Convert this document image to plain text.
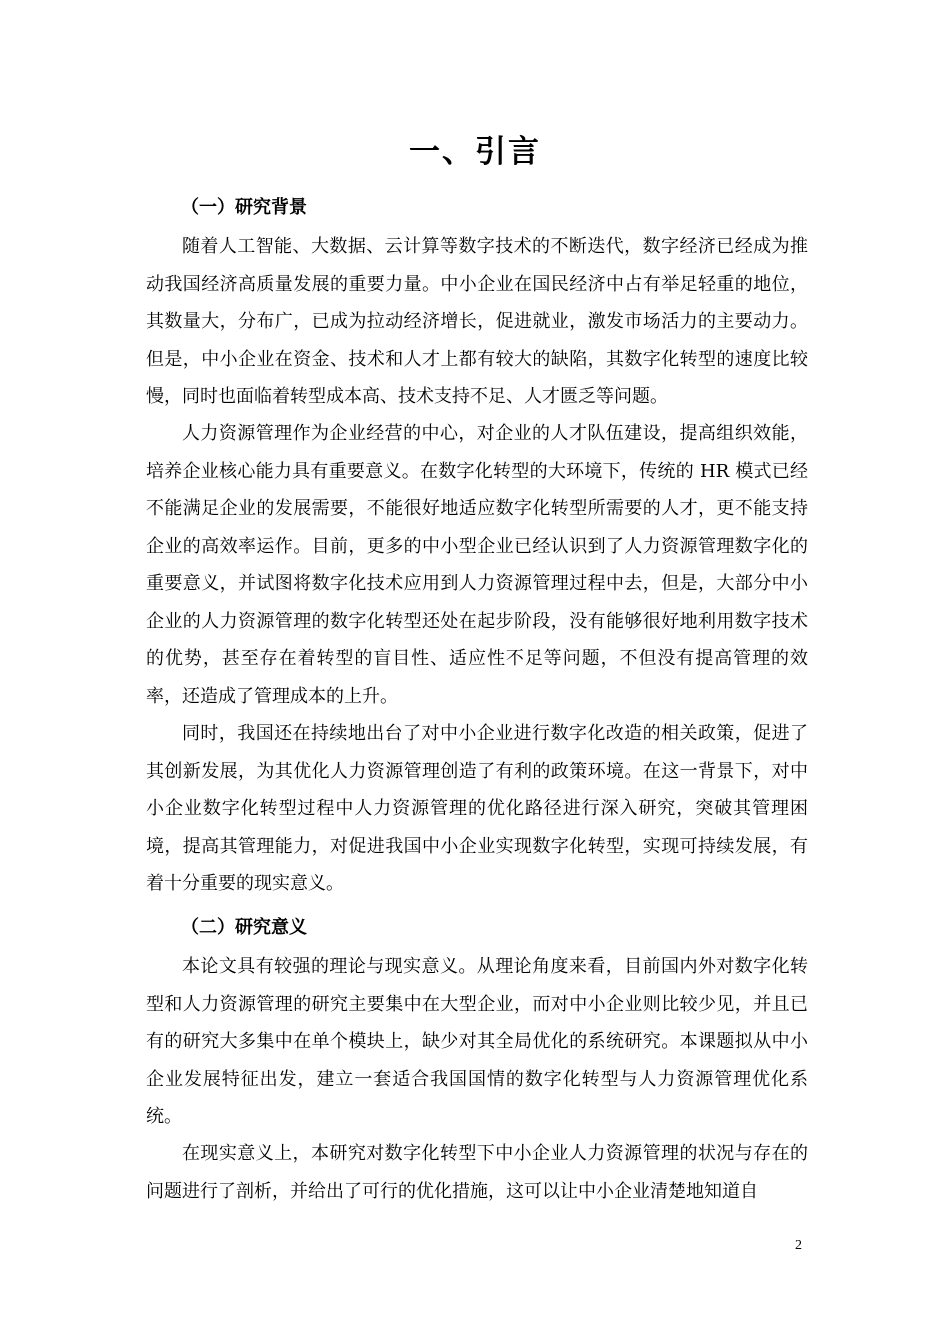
一、引言
（一）研究背景

随着人工智能、大数据、云计算等数字技术的不断迭代，数字经济已经成为推动我国经济高质量发展的重要力量。中小企业在国民经济中占有举足轻重的地位，其数量大，分布广，已成为拉动经济增长，促进就业，激发市场活力的主要动力。但是，中小企业在资金、技术和人才上都有较大的缺陷，其数字化转型的速度比较慢，同时也面临着转型成本高、技术支持不足、人才匮乏等问题。

人力资源管理作为企业经营的中心，对企业的人才队伍建设，提高组织效能，培养企业核心能力具有重要意义。在数字化转型的大环境下，传统的 HR 模式已经不能满足企业的发展需要，不能很好地适应数字化转型所需要的人才，更不能支持企业的高效率运作。目前，更多的中小型企业已经认识到了人力资源管理数字化的重要意义，并试图将数字化技术应用到人力资源管理过程中去，但是，大部分中小企业的人力资源管理的数字化转型还处在起步阶段，没有能够很好地利用数字技术的优势，甚至存在着转型的盲目性、适应性不足等问题，不但没有提高管理的效率，还造成了管理成本的上升。

同时，我国还在持续地出台了对中小企业进行数字化改造的相关政策，促进了其创新发展，为其优化人力资源管理创造了有利的政策环境。在这一背景下，对中小企业数字化转型过程中人力资源管理的优化路径进行深入研究，突破其管理困境，提高其管理能力，对促进我国中小企业实现数字化转型，实现可持续发展，有着十分重要的现实意义。

（二）研究意义

本论文具有较强的理论与现实意义。从理论角度来看，目前国内外对数字化转型和人力资源管理的研究主要集中在大型企业，而对中小企业则比较少见，并且已有的研究大多集中在单个模块上，缺少对其全局优化的系统研究。本课题拟从中小企业发展特征出发，建立一套适合我国国情的数字化转型与人力资源管理优化系统。

在现实意义上，本研究对数字化转型下中小企业人力资源管理的状况与存在的问题进行了剖析，并给出了可行的优化措施，这可以让中小企业清楚地知道自

2
